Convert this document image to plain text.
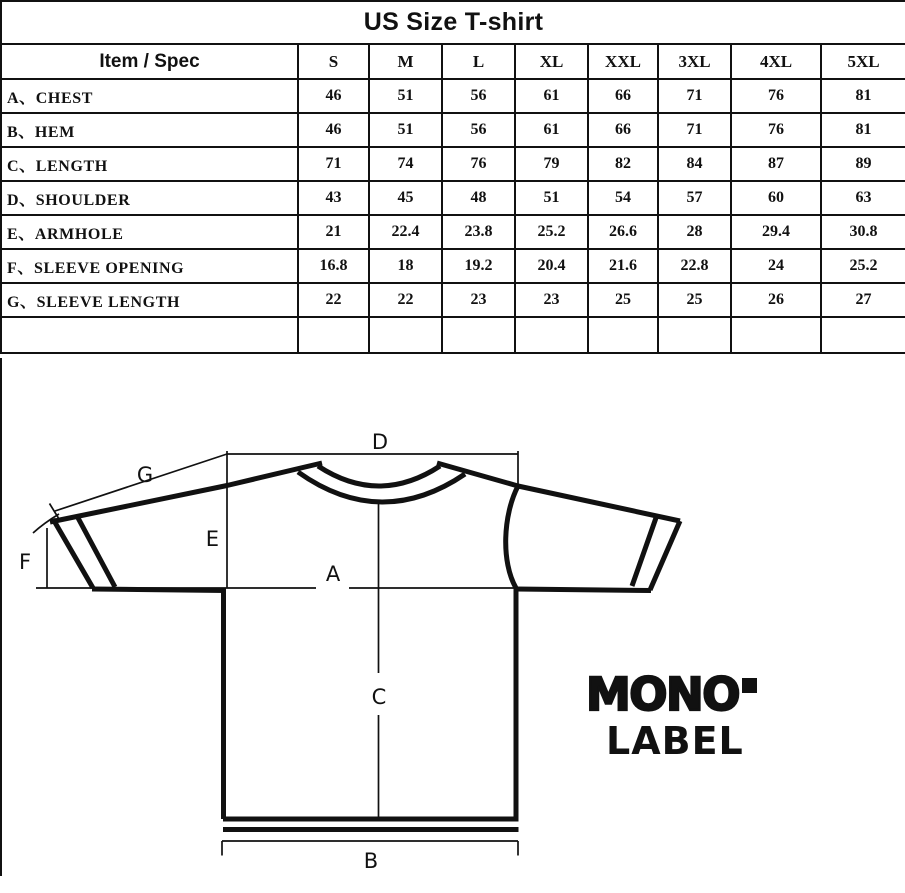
US Size T-shirt								
Item / Spec	S	M	L	XL	XXL	3XL	4XL	5XL
A、CHEST	46	51	56	61	66	71	76	81
B、HEM	46	51	56	61	66	71	76	81
C、LENGTH	71	74	76	79	82	84	87	89
D、SHOULDER	43	45	48	51	54	57	60	63
E、ARMHOLE	21	22.4	23.8	25.2	26.6	28	29.4	30.8
F、SLEEVE OPENING	16.8	18	19.2	20.4	21.6	22.8	24	25.2
G、SLEEVE LENGTH	22	22	23	23	25	25	26	27

D
G
E
F	A
C
B
MONO
LABEL
